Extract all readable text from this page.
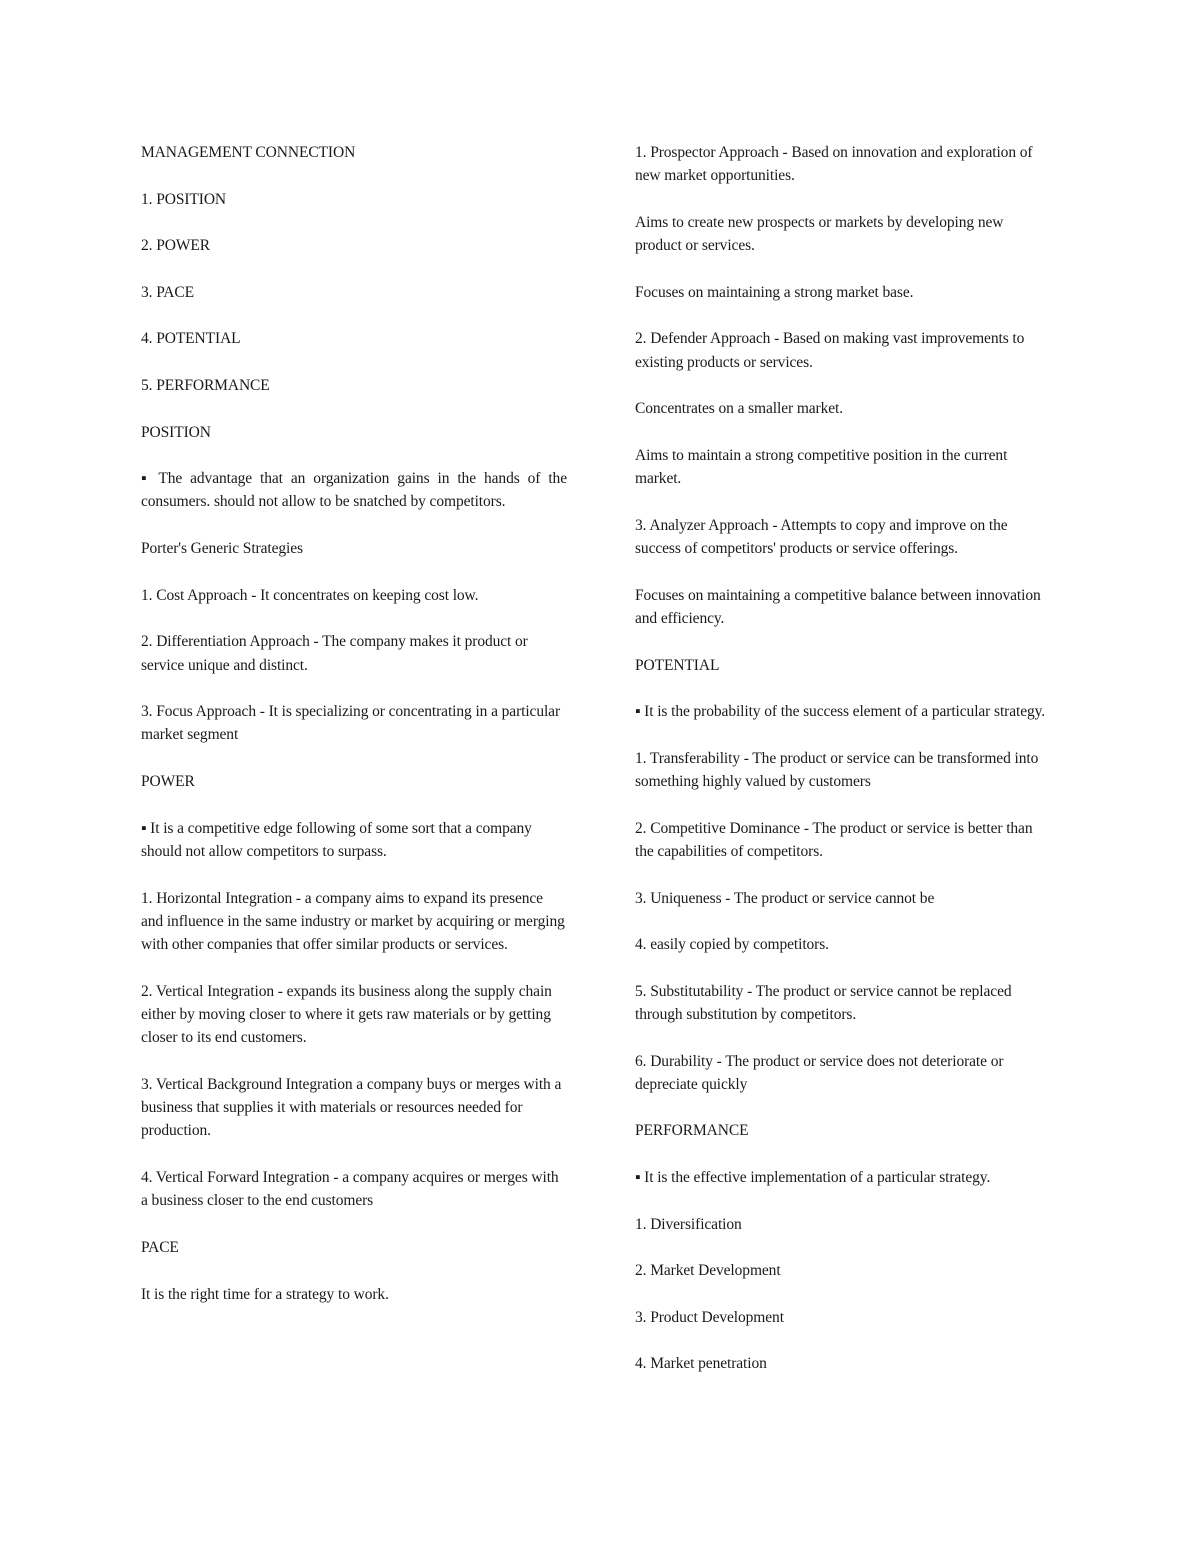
MANAGEMENT CONNECTION

1. POSITION

2. POWER

3. PACE

4. POTENTIAL

5. PERFORMANCE

POSITION

▪ The advantage that an organization gains in the hands of the consumers. should not allow to be snatched by competitors.

Porter's Generic Strategies

1. Cost Approach - It concentrates on keeping cost low.

2. Differentiation Approach - The company makes it product or service unique and distinct.

3. Focus Approach - It is specializing or concentrating in a particular market segment

POWER

▪ It is a competitive edge following of some sort that a company should not allow competitors to surpass.

1. Horizontal Integration - a company aims to expand its presence and influence in the same industry or market by acquiring or merging with other companies that offer similar products or services.

2. Vertical Integration - expands its business along the supply chain either by moving closer to where it gets raw materials or by getting closer to its end customers.

3. Vertical Background Integration a company buys or merges with a business that supplies it with materials or resources needed for production.

4. Vertical Forward Integration - a company acquires or merges with a business closer to the end customers

PACE

It is the right time for a strategy to work.

1. Prospector Approach - Based on innovation and exploration of new market opportunities.

Aims to create new prospects or markets by developing new product or services.

Focuses on maintaining a strong market base.

2. Defender Approach - Based on making vast improvements to existing products or services.

Concentrates on a smaller market.

Aims to maintain a strong competitive position in the current market.

3. Analyzer Approach - Attempts to copy and improve on the success of competitors' products or service offerings.

Focuses on maintaining a competitive balance between innovation and efficiency.

POTENTIAL

▪ It is the probability of the success element of a particular strategy.

1. Transferability - The product or service can be transformed into something highly valued by customers

2. Competitive Dominance - The product or service is better than the capabilities of competitors.

3. Uniqueness - The product or service cannot be

4. easily copied by competitors.

5. Substitutability - The product or service cannot be replaced through substitution by competitors.

6. Durability - The product or service does not deteriorate or depreciate quickly

PERFORMANCE

▪ It is the effective implementation of a particular strategy.

1. Diversification

2. Market Development

3. Product Development

4. Market penetration
